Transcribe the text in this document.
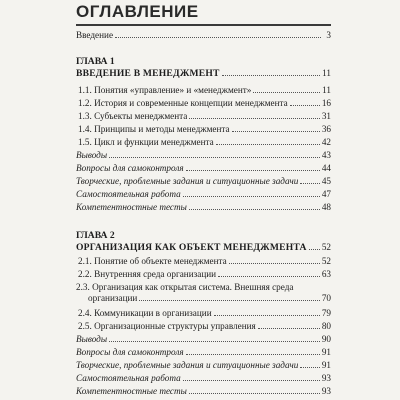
ОГЛАВЛЕНИЕ
Введение	3
ГЛАВА 1
ВВЕДЕНИЕ В МЕНЕДЖМЕНТ	11
1.1. Понятия «управление» и «менеджмент»	11
1.2. История и современные концепции менеджмента	16
1.3. Субъекты менеджмента	31
1.4. Принципы и методы менеджмента	36
1.5. Цикл и функции менеджмента	42
Выводы	43
Вопросы для самоконтроля	44
Творческие, проблемные задания и ситуационные задачи	45
Самостоятельная работа	47
Компетентностные тесты	48
ГЛАВА 2
ОРГАНИЗАЦИЯ КАК ОБЪЕКТ МЕНЕДЖМЕНТА 52
2.1. Понятие об объекте менеджмента	52
2.2. Внутренняя среда организации	63
2.3. Организация как открытая система. Внешняя среда
организации	70
2.4. Коммуникации в организации	79
2.5. Организационные структуры управления	80
Выводы	90
Вопросы для самоконтроля	91
Творческие, проблемные задания и ситуационные задачи	91
Самостоятельная работа	93
Компетентностные тесты	93
